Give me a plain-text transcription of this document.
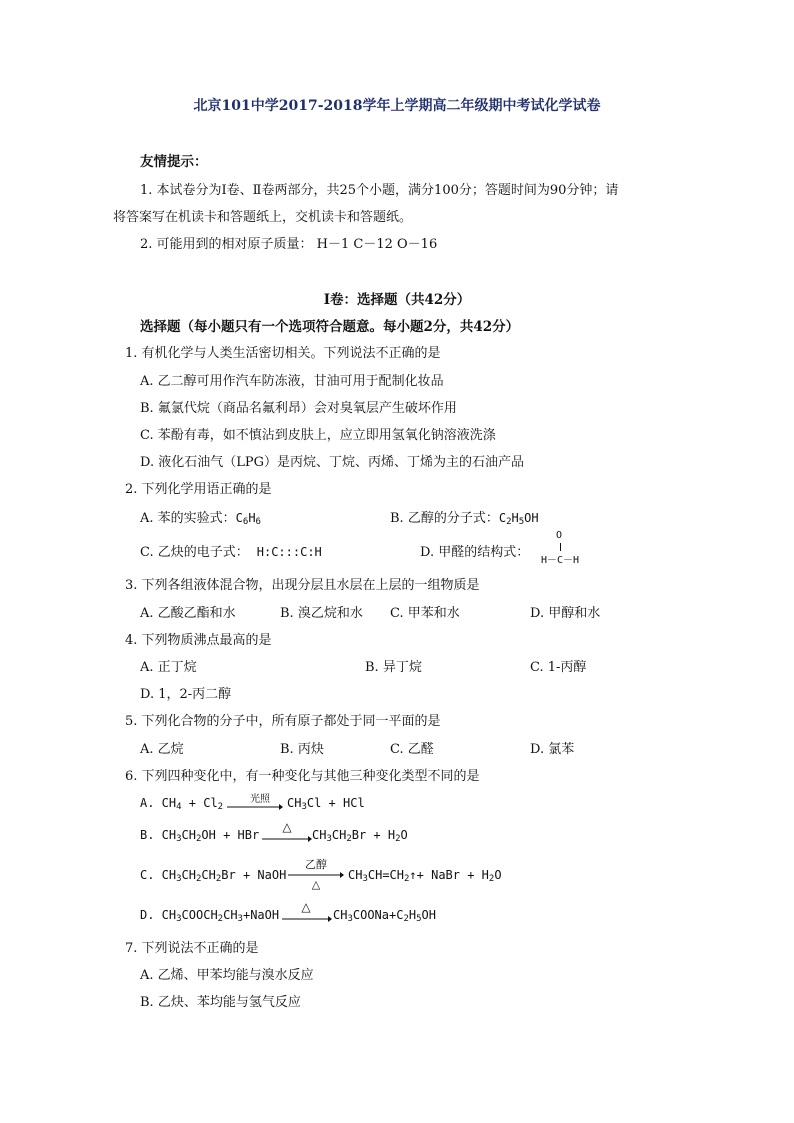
北京101中学2017-2018学年上学期高二年级期中考试化学试卷
友情提示：
1. 本试卷分为Ⅰ卷、Ⅱ卷两部分，共25个小题，满分100分；答题时间为90分钟；请
将答案写在机读卡和答题纸上，交机读卡和答题纸。
2. 可能用到的相对原子质量： H－1 C－12 O－16
Ⅰ卷：选择题（共42分）
选择题（每小题只有一个选项符合题意。每小题2分，共42分）
1. 有机化学与人类生活密切相关。下列说法不正确的是
A. 乙二醇可用作汽车防冻液，甘油可用于配制化妆品
B. 氟氯代烷（商品名氟利昂）会对臭氧层产生破坏作用
C. 苯酚有毒，如不慎沾到皮肤上，应立即用氢氧化钠溶液洗涤
D. 液化石油气（LPG）是丙烷、丁烷、丙烯、丁烯为主的石油产品
2. 下列化学用语正确的是
A. 苯的实验式：$C_6H_6$	B. 乙醇的分子式：$C_2H_5OH$
C. 乙炔的电子式： H:C:::C:H	D. 甲醛的结构式：
O
H－C－H
3. 下列各组液体混合物，出现分层且水层在上层的一组物质是
A. 乙酸乙酯和水	B. 溴乙烷和水 C. 甲苯和水	D. 甲醇和水
4. 下列物质沸点最高的是
A. 正丁烷	B. 异丁烷	C. 1-丙醇
D. 1，2-丙二醇
5. 下列化合物的分子中，所有原子都处于同一平面的是
A. 乙烷	B. 丙炔	C. 乙醛	D. 氯苯
6. 下列四种变化中，有一种变化与其他三种变化类型不同的是
A. $CH_4 + Cl_2$
光照	$CH_3Cl$ + HCl
B. $CH_3CH_2OH$ + HBr
△
$CH_3CH_2Br + H_2O$
C. $CH_3CH_2CH_2Br$ + NaOH
乙醇
△
$CH_3CH=CH_2↑+$ NaBr + $H_2O$
D. $CH_3COOCH_2CH_3+NaOH$
△
$CH_3COONa+C_2H_5OH$
7. 下列说法不正确的是
A. 乙烯、甲苯均能与溴水反应
B. 乙炔、苯均能与氢气反应
